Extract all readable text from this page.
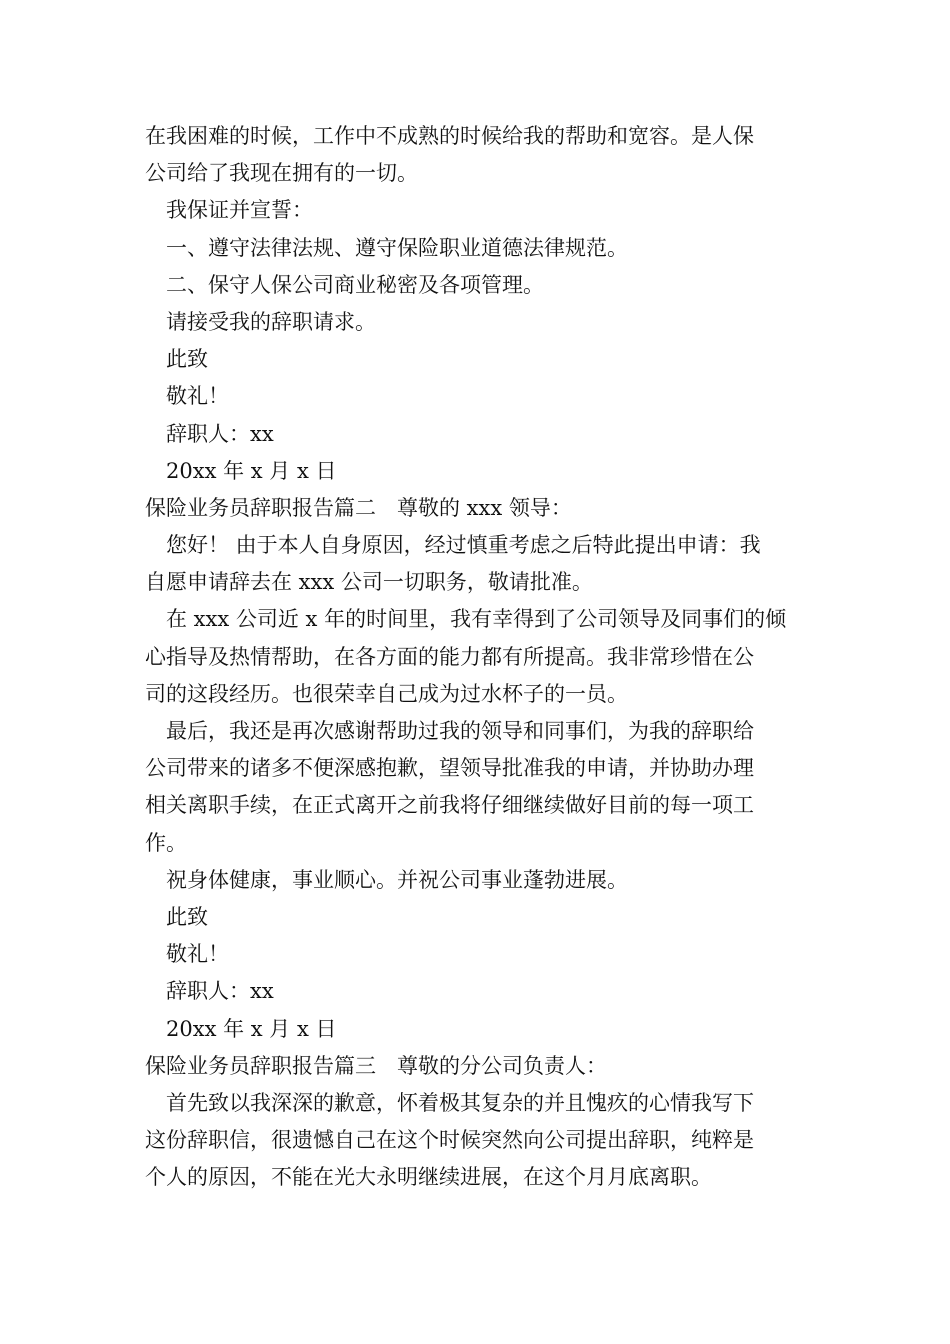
在我困难的时候，工作中不成熟的时候给我的帮助和宽容。是人保

公司给了我现在拥有的一切。

我保证并宣誓：

一、遵守法律法规、遵守保险职业道德法律规范。

二、保守人保公司商业秘密及各项管理。

请接受我的辞职请求。

此致

敬礼！

辞职人：xx

20xx 年 x 月 x 日

保险业务员辞职报告篇二　尊敬的 xxx 领导：

您好！ 由于本人自身原因，经过慎重考虑之后特此提出申请：我

自愿申请辞去在 xxx 公司一切职务，敬请批准。

在 xxx 公司近 x 年的时间里，我有幸得到了公司领导及同事们的倾

心指导及热情帮助，在各方面的能力都有所提高。我非常珍惜在公

司的这段经历。也很荣幸自己成为过水杯子的一员。

最后，我还是再次感谢帮助过我的领导和同事们，为我的辞职给

公司带来的诸多不便深感抱歉，望领导批准我的申请，并协助办理

相关离职手续，在正式离开之前我将仔细继续做好目前的每一项工

作。

祝身体健康，事业顺心。并祝公司事业蓬勃进展。

此致

敬礼！

辞职人：xx

20xx 年 x 月 x 日

保险业务员辞职报告篇三　尊敬的分公司负责人：

首先致以我深深的歉意，怀着极其复杂的并且愧疚的心情我写下

这份辞职信，很遗憾自己在这个时候突然向公司提出辞职，纯粹是

个人的原因，不能在光大永明继续进展，在这个月月底离职。
